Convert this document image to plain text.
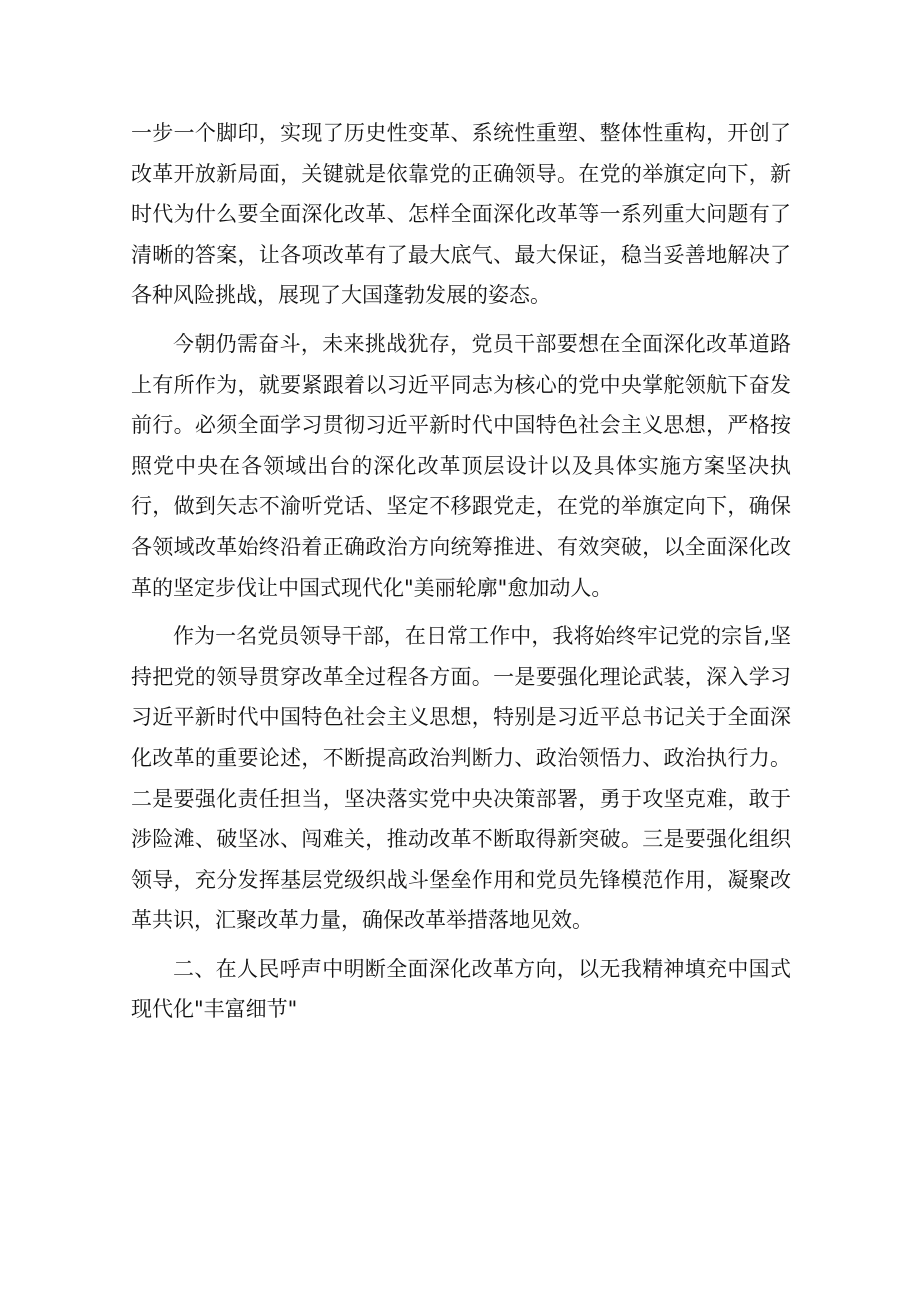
一步一个脚印，实现了历史性变革、系统性重塑、整体性重构，开创了改革开放新局面，关键就是依靠党的正确领导。在党的举旗定向下，新时代为什么要全面深化改革、怎样全面深化改革等一系列重大问题有了清晰的答案，让各项改革有了最大底气、最大保证，稳当妥善地解决了各种风险挑战，展现了大国蓬勃发展的姿态。

今朝仍需奋斗，未来挑战犹存，党员干部要想在全面深化改革道路上有所作为，就要紧跟着以习近平同志为核心的党中央掌舵领航下奋发前行。必须全面学习贯彻习近平新时代中国特色社会主义思想，严格按照党中央在各领域出台的深化改革顶层设计以及具体实施方案坚决执行，做到矢志不渝听党话、坚定不移跟党走，在党的举旗定向下，确保各领域改革始终沿着正确政治方向统筹推进、有效突破，以全面深化改革的坚定步伐让中国式现代化"美丽轮廓"愈加动人。

作为一名党员领导干部，在日常工作中，我将始终牢记党的宗旨,坚持把党的领导贯穿改革全过程各方面。一是要强化理论武装，深入学习习近平新时代中国特色社会主义思想，特别是习近平总书记关于全面深化改革的重要论述，不断提高政治判断力、政治领悟力、政治执行力。二是要强化责任担当，坚决落实党中央决策部署，勇于攻坚克难，敢于涉险滩、破坚冰、闯难关，推动改革不断取得新突破。三是要强化组织领导，充分发挥基层党级织战斗堡垒作用和党员先锋模范作用，凝聚改革共识，汇聚改革力量，确保改革举措落地见效。

二、在人民呼声中明断全面深化改革方向，以无我精神填充中国式现代化"丰富细节"
